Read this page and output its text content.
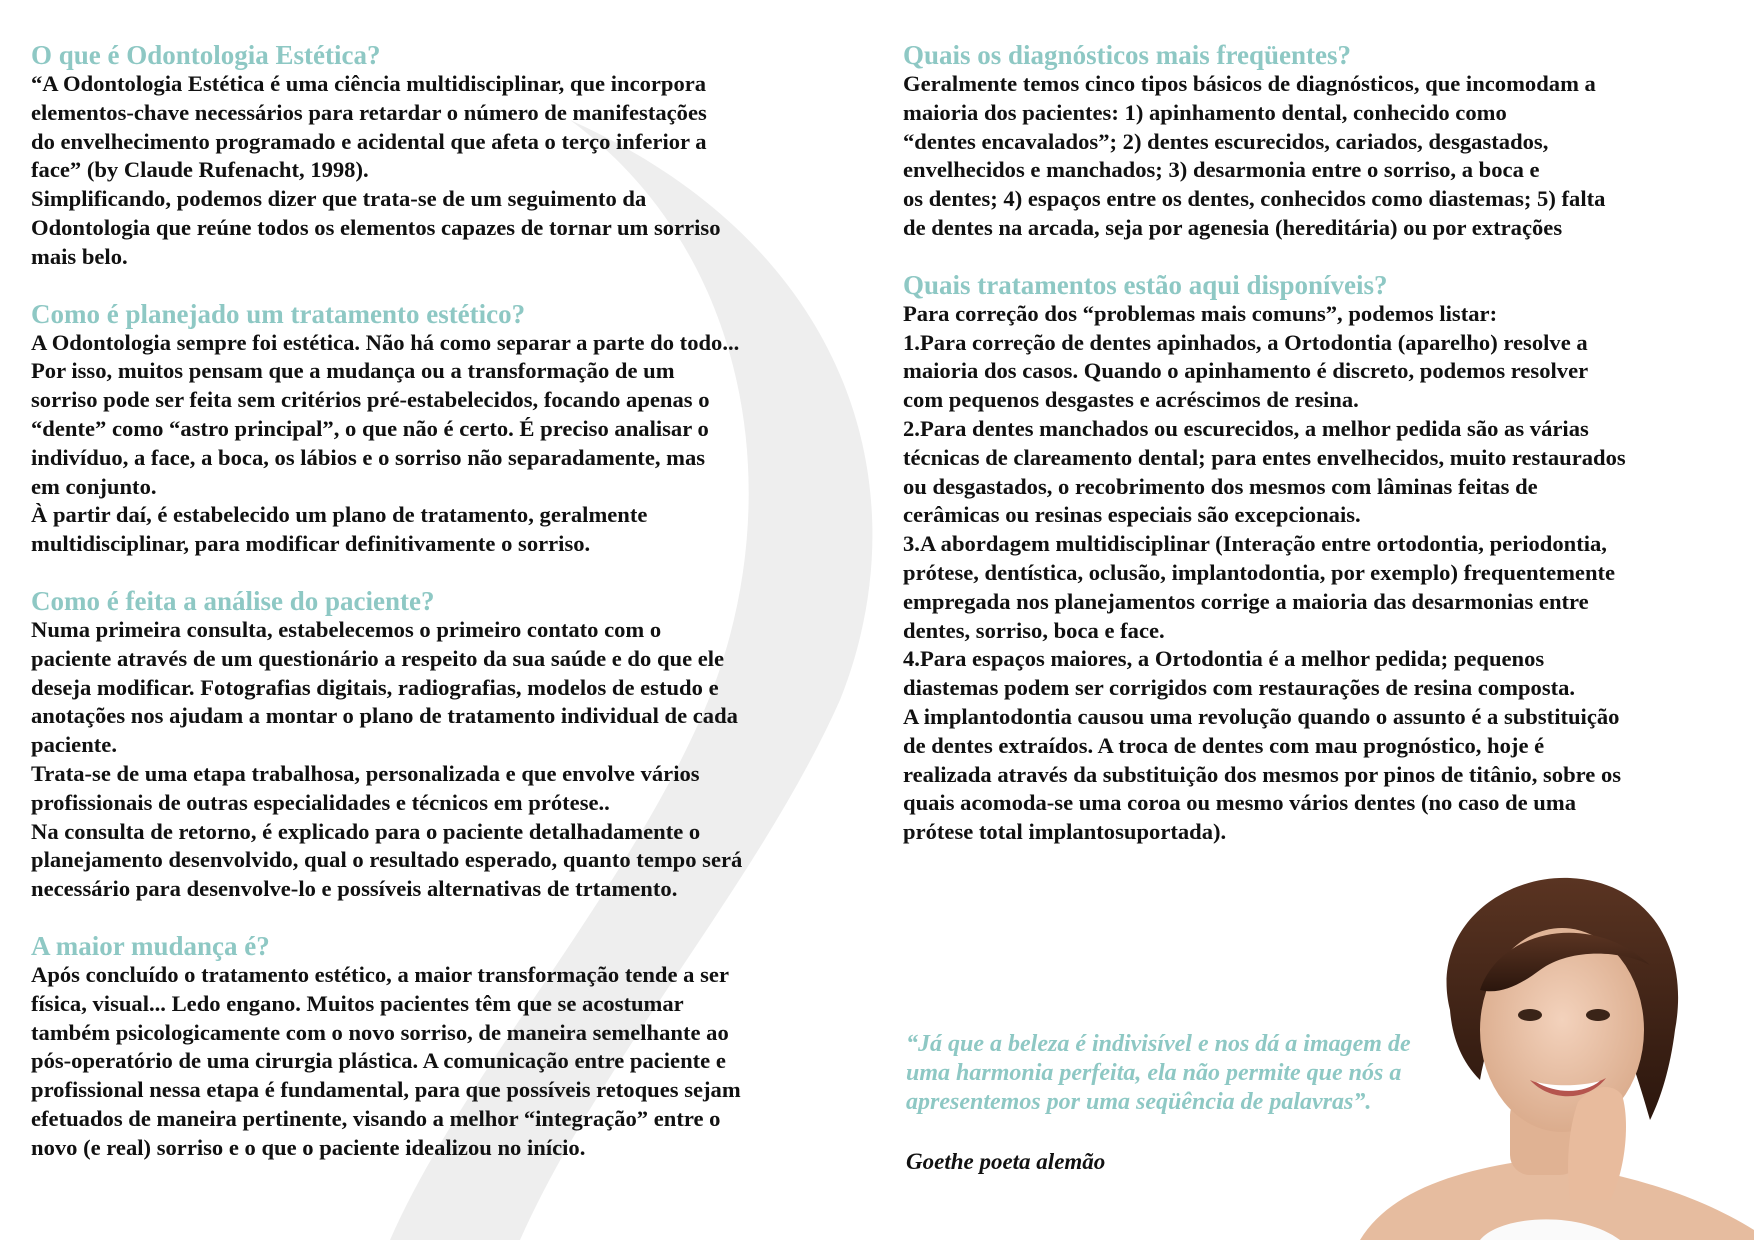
O que é Odontologia Estética?

“A Odontologia Estética é uma ciência multidisciplinar, que incorpora
elementos-chave necessários para retardar o número de manifestações
do envelhecimento programado e acidental que afeta o terço inferior a
face” (by Claude Rufenacht, 1998).
Simplificando, podemos dizer que trata-se de um seguimento da
Odontologia que reúne todos os elementos capazes de tornar um sorriso
mais belo.

Como é planejado um tratamento estético?

A Odontologia sempre foi estética. Não há como separar a parte do todo...
Por isso, muitos pensam que a mudança ou a transformação de um
sorriso pode ser feita sem critérios pré-estabelecidos, focando apenas o
“dente” como “astro principal”, o que não é certo. É preciso analisar o
indivíduo, a face, a boca, os lábios e o sorriso não separadamente, mas
em conjunto.
À partir daí, é estabelecido um plano de tratamento, geralmente
multidisciplinar, para modificar definitivamente o sorriso.

Como é feita a análise do paciente?

Numa primeira consulta, estabelecemos o primeiro contato com o
paciente através de um questionário a respeito da sua saúde e do que ele
deseja modificar. Fotografias digitais, radiografias, modelos de estudo e
anotações nos ajudam a montar o plano de tratamento individual de cada
paciente.
Trata-se de uma etapa trabalhosa, personalizada e que envolve vários
profissionais de outras especialidades e técnicos em prótese..
Na consulta de retorno, é explicado para o paciente detalhadamente o
planejamento desenvolvido, qual o resultado esperado, quanto tempo será
necessário para desenvolve-lo e possíveis alternativas de trtamento.

A maior mudança é?

Após concluído o tratamento estético, a maior transformação tende a ser
física, visual... Ledo engano. Muitos pacientes têm que se acostumar
também psicologicamente com o novo sorriso, de maneira semelhante ao
pós-operatório de uma cirurgia plástica. A comunicação entre paciente e
profissional nessa etapa é fundamental, para que possíveis retoques sejam
efetuados de maneira pertinente, visando a melhor “integração” entre o
novo (e real) sorriso e o que o paciente idealizou no início.

Quais os diagnósticos mais freqüentes?

Geralmente temos cinco tipos básicos de diagnósticos, que incomodam a
maioria dos pacientes: 1) apinhamento dental, conhecido como
“dentes encavalados”; 2) dentes escurecidos, cariados, desgastados,
envelhecidos e manchados; 3) desarmonia entre o sorriso, a boca e
os dentes; 4) espaços entre os dentes, conhecidos como diastemas; 5) falta
de dentes na arcada, seja por agenesia (hereditária) ou por extrações

Quais tratamentos estão aqui disponíveis?

Para correção dos “problemas mais comuns”, podemos listar:
1.Para correção de dentes apinhados, a Ortodontia (aparelho) resolve a
maioria dos casos. Quando o apinhamento é discreto, podemos resolver
com pequenos desgastes e acréscimos de resina.
2.Para dentes manchados ou escurecidos, a melhor pedida são as várias
técnicas de clareamento dental; para entes envelhecidos, muito restaurados
ou desgastados, o recobrimento dos mesmos com lâminas feitas de
cerâmicas ou resinas especiais são excepcionais.
3.A abordagem multidisciplinar (Interação entre ortodontia, periodontia,
prótese, dentística, oclusão, implantodontia, por exemplo) frequentemente
empregada nos planejamentos corrige a maioria das desarmonias entre
dentes, sorriso, boca e face.
4.Para espaços maiores, a Ortodontia é a melhor pedida; pequenos
diastemas podem ser corrigidos com restaurações de resina composta.
A implantodontia causou uma revolução quando o assunto é a substituição
de dentes extraídos. A troca de dentes com mau prognóstico, hoje é
realizada através da substituição dos mesmos por pinos de titânio, sobre os
quais acomoda-se uma coroa ou mesmo vários dentes (no caso de uma
prótese total implantosuportada).

“Já que a beleza é indivisível e nos dá a imagem de
uma harmonia perfeita, ela não permite que nós a
apresentemos por uma seqüência de palavras”.

Goethe poeta alemão
